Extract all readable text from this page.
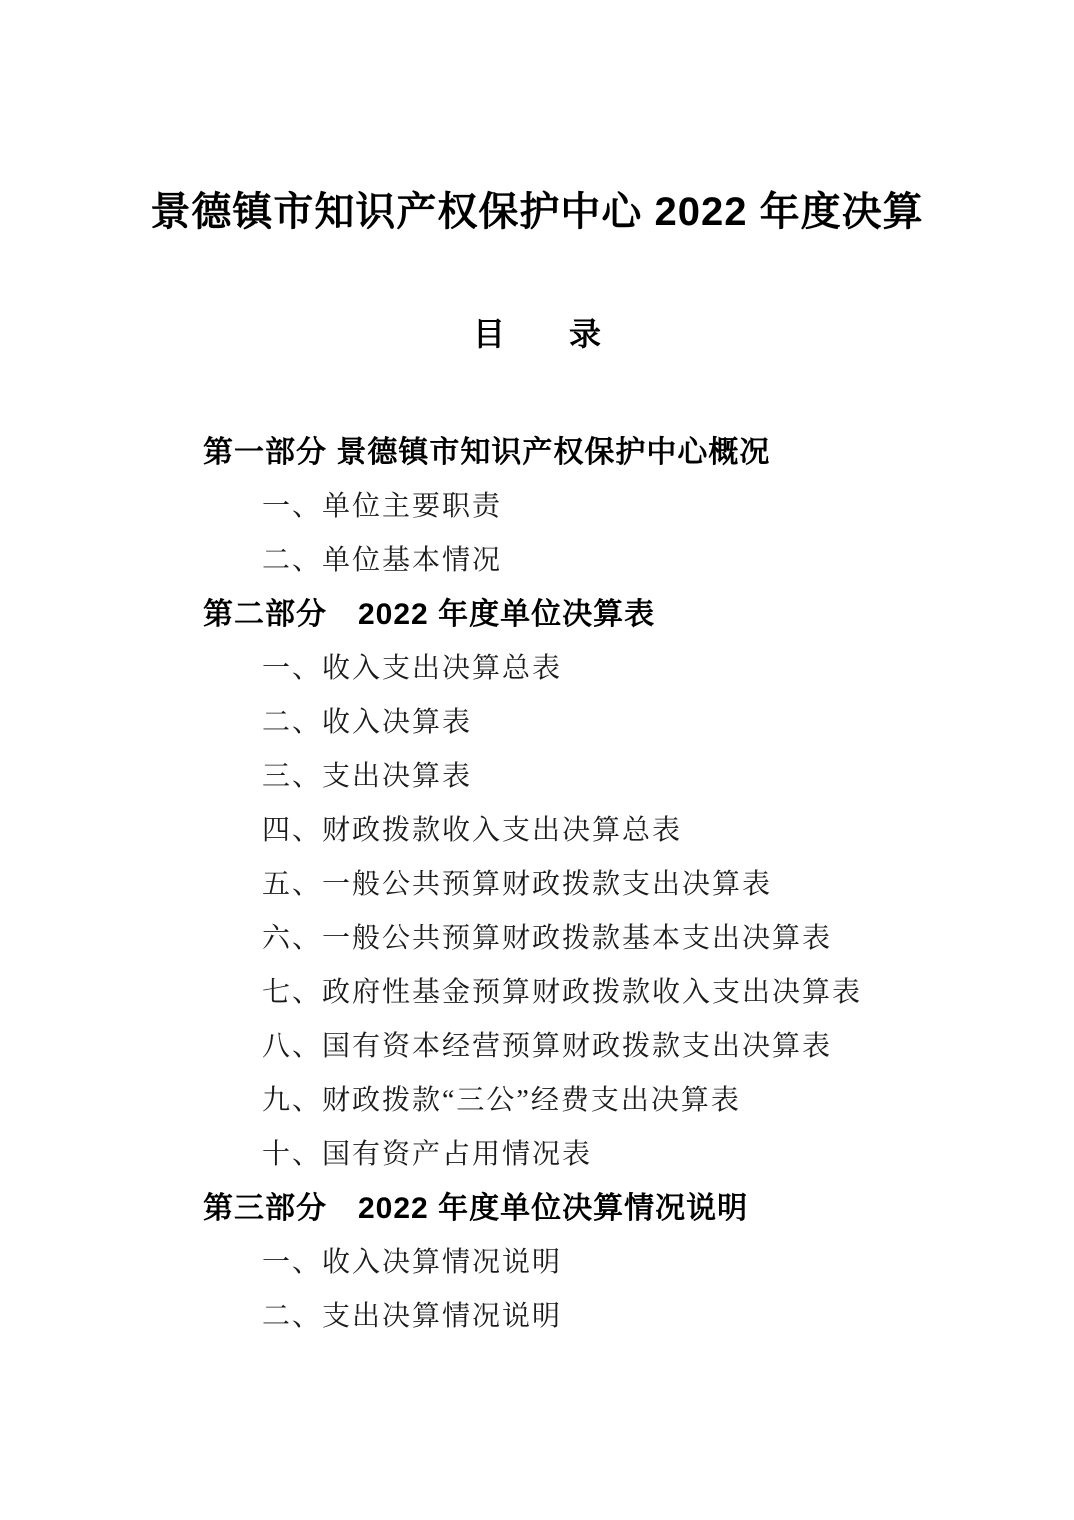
景德镇市知识产权保护中心 2022 年度决算
目　　录
第一部分 景德镇市知识产权保护中心概况
一、单位主要职责
二、单位基本情况
第二部分　2022 年度单位决算表
一、收入支出决算总表
二、收入决算表
三、支出决算表
四、财政拨款收入支出决算总表
五、一般公共预算财政拨款支出决算表
六、一般公共预算财政拨款基本支出决算表
七、政府性基金预算财政拨款收入支出决算表
八、国有资本经营预算财政拨款支出决算表
九、财政拨款“三公”经费支出决算表
十、国有资产占用情况表
第三部分　2022 年度单位决算情况说明
一、收入决算情况说明
二、支出决算情况说明
